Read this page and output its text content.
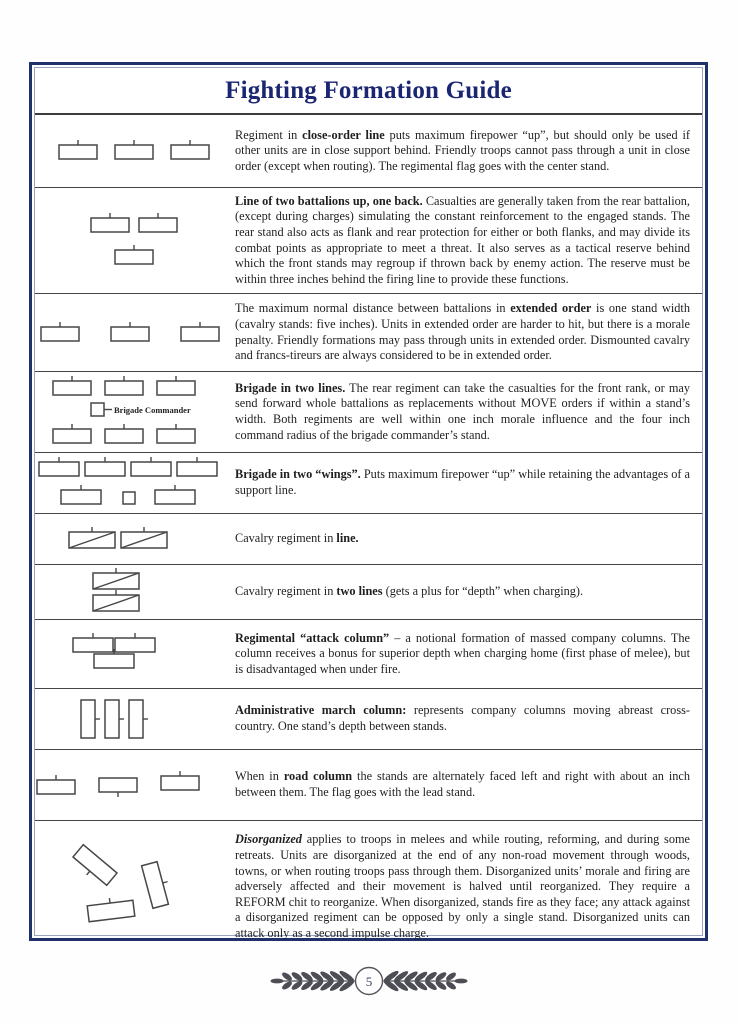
Fighting Formation Guide

Regiment in close-order line puts maximum firepower “up”, but should only be used if other units are in close support behind. Friendly troops cannot pass through a unit in close order (except when routing). The regimental flag goes with the center stand.

Line of two battalions up, one back. Casualties are generally taken from the rear battalion, (except during charges) simulating the constant reinforcement to the engaged stands. The rear stand also acts as flank and rear protection for either or both flanks, and may divide its combat points as appropriate to meet a threat. It also serves as a tactical reserve behind which the front stands may regroup if thrown back by enemy action. The reserve must be within three inches behind the firing line to provide these functions.

The maximum normal distance between battalions in extended order is one stand width (cavalry stands: five inches). Units in extended order are harder to hit, but there is a morale penalty. Friendly formations may pass through units in extended order. Dismounted cavalry and francs-tireurs are always considered to be in extended order.

Brigade Commander

Brigade in two lines. The rear regiment can take the casualties for the front rank, or may send forward whole battalions as replacements without MOVE orders if within a stand’s width. Both regiments are well within one inch morale influence and the four inch command radius of the brigade commander’s stand.

Brigade in two “wings”. Puts maximum firepower “up” while retaining the advantages of a support line.

Cavalry regiment in line.

Cavalry regiment in two lines (gets a plus for “depth” when charging).

Regimental “attack column” – a notional formation of massed company columns. The column receives a bonus for superior depth when charging home (first phase of melee), but is disadvantaged when under fire.

Administrative march column: represents company columns moving abreast cross-country. One stand’s depth between stands.

When in road column the stands are alternately faced left and right with about an inch between them. The flag goes with the lead stand.

Disorganized applies to troops in melees and while routing, reforming, and during some retreats. Units are disorganized at the end of any non-road movement through woods, towns, or when routing troops pass through them. Disorganized units’ morale and firing are adversely affected and their movement is halved until reorganized. They require a REFORM chit to reorganize. When disorganized, stands fire as they face; any attack against a disorganized regiment can be opposed by only a single stand. Disorganized units can attack only as a second impulse charge.

5
